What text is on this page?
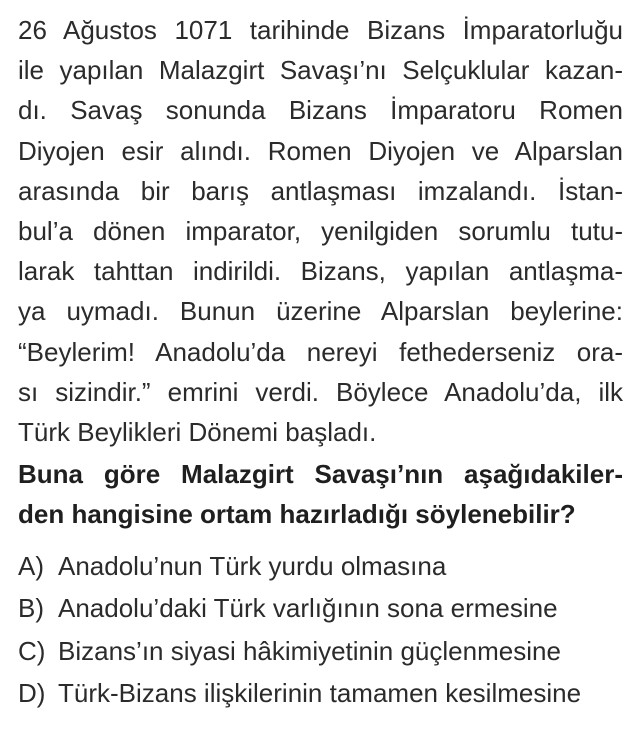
26 Ağustos 1071 tarihinde Bizans İmparatorluğu
ile yapılan Malazgirt Savaşı’nı Selçuklular kazan-
dı. Savaş sonunda Bizans İmparatoru Romen
Diyojen esir alındı. Romen Diyojen ve Alparslan
arasında bir barış antlaşması imzalandı. İstan-
bul’a dönen imparator, yenilgiden sorumlu tutu-
larak tahttan indirildi. Bizans, yapılan antlaşma-
ya uymadı. Bunun üzerine Alparslan beylerine:
“Beylerim! Anadolu’da nereyi fethederseniz ora-
sı sizindir.” emrini verdi. Böylece Anadolu’da, ilk
Türk Beylikleri Dönemi başladı.
Buna göre Malazgirt Savaşı’nın aşağıdakiler-
den hangisine ortam hazırladığı söylenebilir?
A) Anadolu’nun Türk yurdu olmasına
B) Anadolu’daki Türk varlığının sona ermesine
C) Bizans’ın siyasi hâkimiyetinin güçlenmesine
D) Türk-Bizans ilişkilerinin tamamen kesilmesine
